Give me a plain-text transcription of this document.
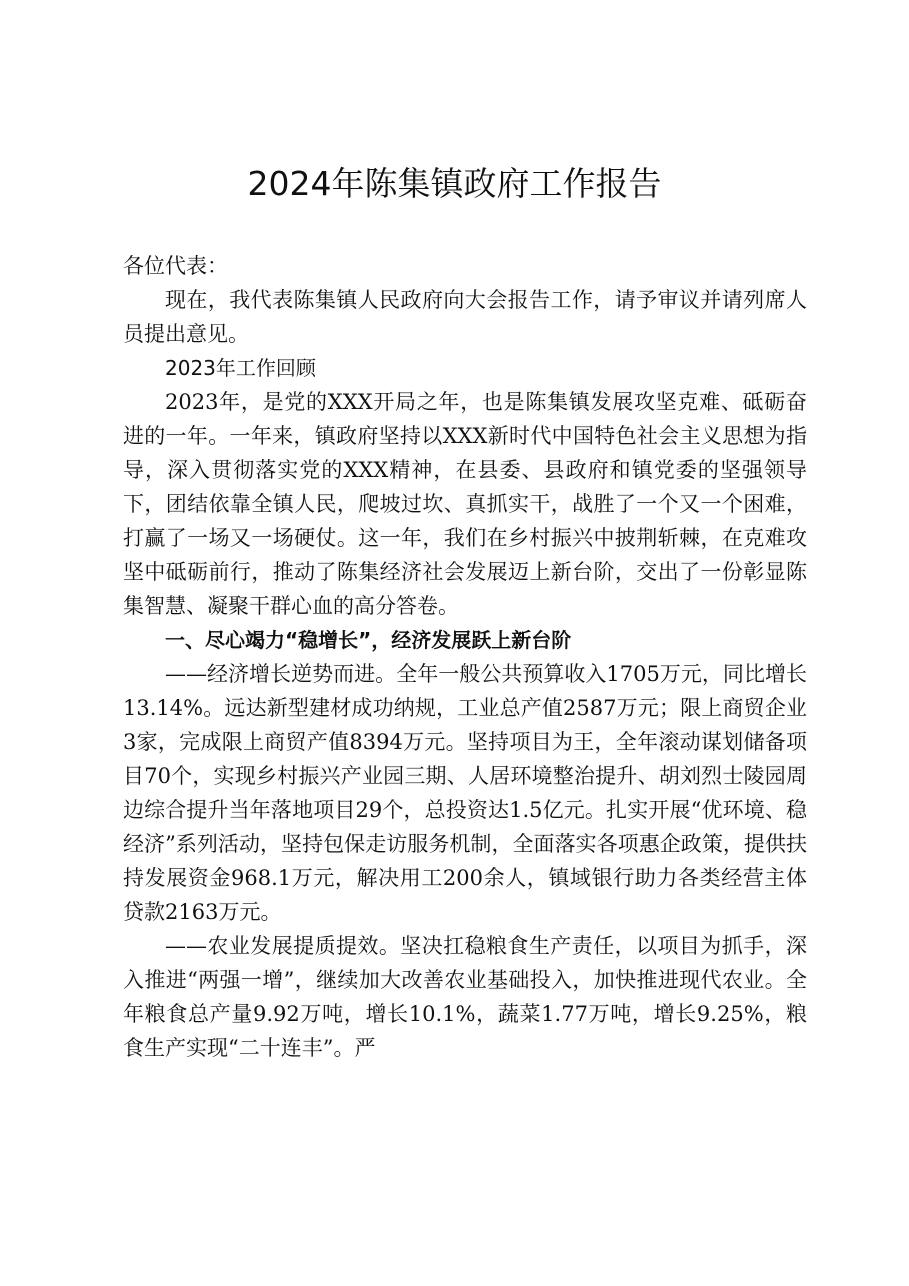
2024年陈集镇政府工作报告

各位代表：

现在，我代表陈集镇人民政府向大会报告工作，请予审议并请列席人员提出意见。

2023年工作回顾

2023年，是党的XXX开局之年，也是陈集镇发展攻坚克难、砥砺奋进的一年。一年来，镇政府坚持以XXX新时代中国特色社会主义思想为指导，深入贯彻落实党的XXX精神，在县委、县政府和镇党委的坚强领导下，团结依靠全镇人民，爬坡过坎、真抓实干，战胜了一个又一个困难，打赢了一场又一场硬仗。这一年，我们在乡村振兴中披荆斩棘，在克难攻坚中砥砺前行，推动了陈集经济社会发展迈上新台阶，交出了一份彰显陈集智慧、凝聚干群心血的高分答卷。

一、尽心竭力“稳增长”，经济发展跃上新台阶

——经济增长逆势而进。全年一般公共预算收入1705万元，同比增长13.14%。远达新型建材成功纳规，工业总产值2587万元；限上商贸企业3家，完成限上商贸产值8394万元。坚持项目为王，全年滚动谋划储备项目70个，实现乡村振兴产业园三期、人居环境整治提升、胡刘烈士陵园周边综合提升当年落地项目29个，总投资达1.5亿元。扎实开展“优环境、稳经济”系列活动，坚持包保走访服务机制，全面落实各项惠企政策，提供扶持发展资金968.1万元，解决用工200余人，镇域银行助力各类经营主体贷款2163万元。

——农业发展提质提效。坚决扛稳粮食生产责任，以项目为抓手，深入推进“两强一增”，继续加大改善农业基础投入，加快推进现代农业。全年粮食总产量9.92万吨，增长10.1%，蔬菜1.77万吨，增长9.25%，粮食生产实现“二十连丰”。严
